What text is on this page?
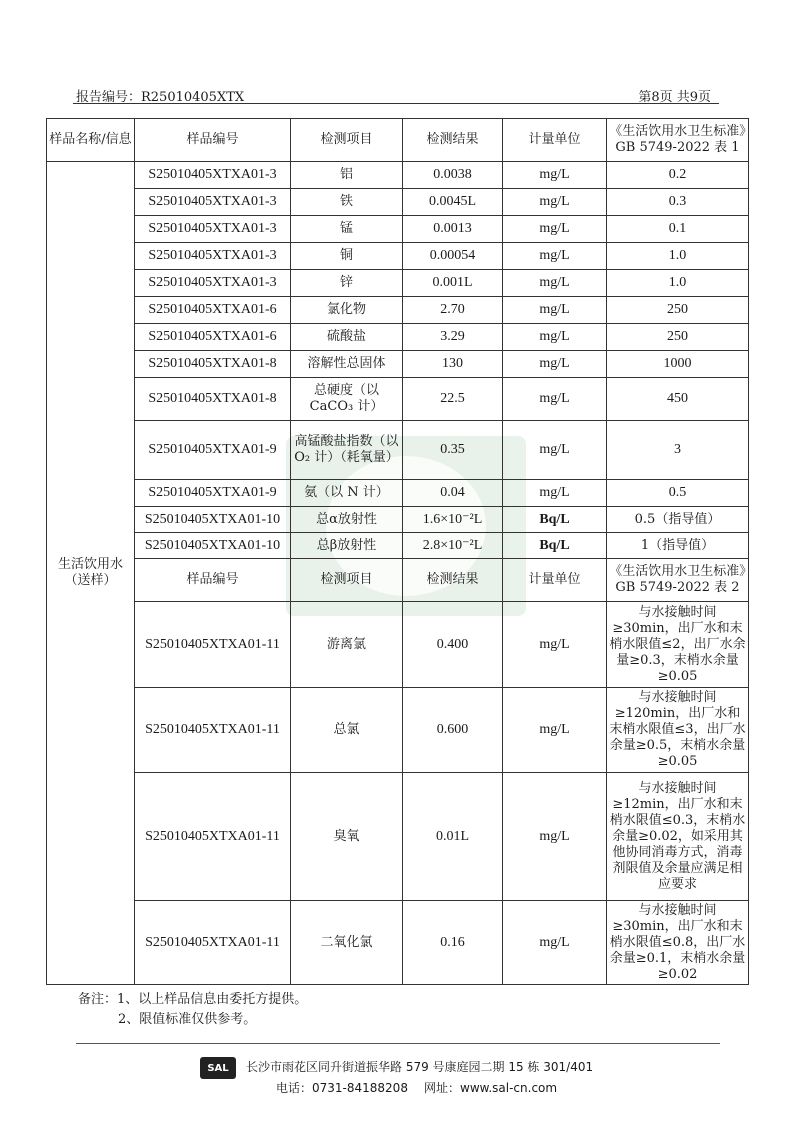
报告编号：R25010405XTX	第8页 共9页
样品名称/信息	样品编号	检测项目	检测结果	计量单位	《生活饮用水卫生标准》GB 5749-2022 表 1
生活饮用水（送样）	S25010405XTXA01-3	铝	0.0038	mg/L	0.2
	S25010405XTXA01-3	铁	0.0045L	mg/L	0.3
	S25010405XTXA01-3	锰	0.0013	mg/L	0.1
	S25010405XTXA01-3	铜	0.00054	mg/L	1.0
	S25010405XTXA01-3	锌	0.001L	mg/L	1.0
	S25010405XTXA01-6	氯化物	2.70	mg/L	250
	S25010405XTXA01-6	硫酸盐	3.29	mg/L	250
	S25010405XTXA01-8	溶解性总固体	130	mg/L	1000
	S25010405XTXA01-8	总硬度（以 CaCO₃ 计）	22.5	mg/L	450
	S25010405XTXA01-9	高锰酸盐指数（以 O₂ 计）（耗氧量）	0.35	mg/L	3
	S25010405XTXA01-9	氨（以 N 计）	0.04	mg/L	0.5
	S25010405XTXA01-10	总α放射性	1.6×10⁻²L	Bq/L	0.5（指导值）
	S25010405XTXA01-10	总β放射性	2.8×10⁻²L	Bq/L	1（指导值）
	样品编号	检测项目	检测结果	计量单位	《生活饮用水卫生标准》GB 5749-2022 表 2
	S25010405XTXA01-11	游离氯	0.400	mg/L	与水接触时间≥30min，出厂水和末梢水限值≤2，出厂水余量≥0.3，末梢水余量≥0.05
	S25010405XTXA01-11	总氯	0.600	mg/L	与水接触时间≥120min，出厂水和末梢水限值≤3，出厂水余量≥0.5，末梢水余量≥0.05
	S25010405XTXA01-11	臭氧	0.01L	mg/L	与水接触时间≥12min，出厂水和末梢水限值≤0.3，末梢水余量≥0.02，如采用其他协同消毒方式，消毒剂限值及余量应满足相应要求
	S25010405XTXA01-11	二氧化氯	0.16	mg/L	与水接触时间≥30min，出厂水和末梢水限值≤0.8，出厂水余量≥0.1，末梢水余量≥0.02
备注：1、以上样品信息由委托方提供。
2、限值标准仅供参考。
SAL	长沙市雨花区同升街道振华路 579 号康庭园二期 15 栋 301/401
电话：0731-84188208 网址：www.sal-cn.com
